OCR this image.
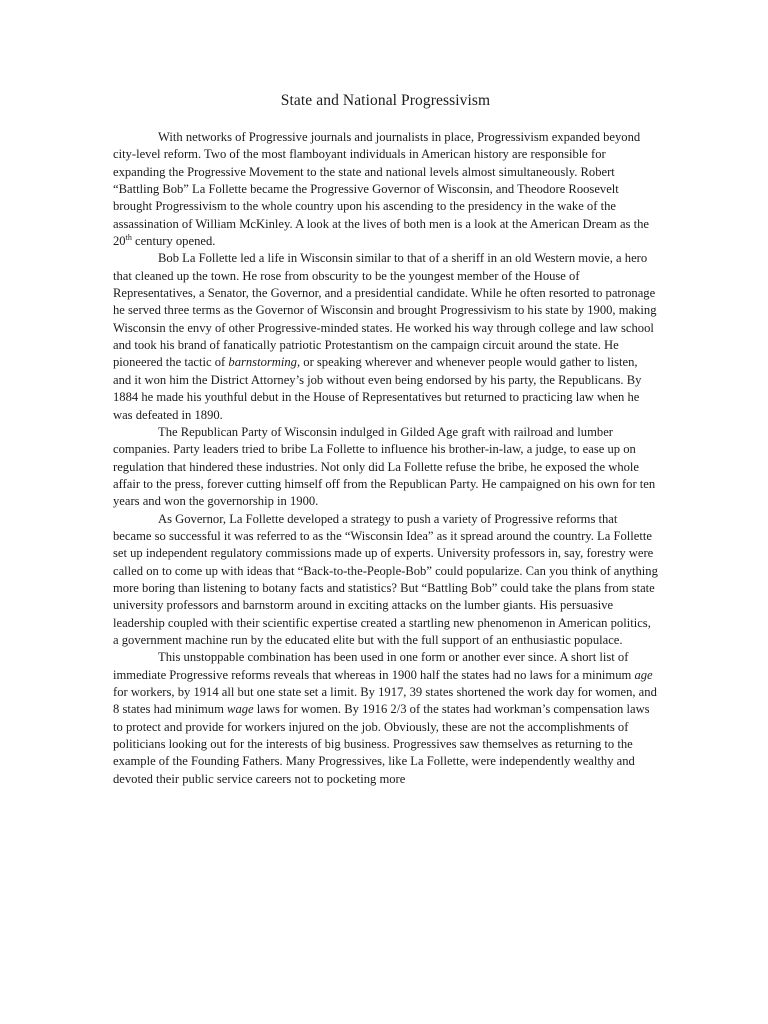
State and National Progressivism

With networks of Progressive journals and journalists in place, Progressivism expanded beyond city-level reform. Two of the most flamboyant individuals in American history are responsible for expanding the Progressive Movement to the state and national levels almost simultaneously. Robert “Battling Bob” La Follette became the Progressive Governor of Wisconsin, and Theodore Roosevelt brought Progressivism to the whole country upon his ascending to the presidency in the wake of the assassination of William McKinley. A look at the lives of both men is a look at the American Dream as the 20th century opened.

Bob La Follette led a life in Wisconsin similar to that of a sheriff in an old Western movie, a hero that cleaned up the town. He rose from obscurity to be the youngest member of the House of Representatives, a Senator, the Governor, and a presidential candidate. While he often resorted to patronage he served three terms as the Governor of Wisconsin and brought Progressivism to his state by 1900, making Wisconsin the envy of other Progressive-minded states. He worked his way through college and law school and took his brand of fanatically patriotic Protestantism on the campaign circuit around the state. He pioneered the tactic of barnstorming, or speaking wherever and whenever people would gather to listen, and it won him the District Attorney’s job without even being endorsed by his party, the Republicans. By 1884 he made his youthful debut in the House of Representatives but returned to practicing law when he was defeated in 1890.

The Republican Party of Wisconsin indulged in Gilded Age graft with railroad and lumber companies. Party leaders tried to bribe La Follette to influence his brother-in-law, a judge, to ease up on regulation that hindered these industries. Not only did La Follette refuse the bribe, he exposed the whole affair to the press, forever cutting himself off from the Republican Party. He campaigned on his own for ten years and won the governorship in 1900.

As Governor, La Follette developed a strategy to push a variety of Progressive reforms that became so successful it was referred to as the “Wisconsin Idea” as it spread around the country. La Follette set up independent regulatory commissions made up of experts. University professors in, say, forestry were called on to come up with ideas that “Back-to-the-People-Bob” could popularize. Can you think of anything more boring than listening to botany facts and statistics? But “Battling Bob” could take the plans from state university professors and barnstorm around in exciting attacks on the lumber giants. His persuasive leadership coupled with their scientific expertise created a startling new phenomenon in American politics, a government machine run by the educated elite but with the full support of an enthusiastic populace.

This unstoppable combination has been used in one form or another ever since. A short list of immediate Progressive reforms reveals that whereas in 1900 half the states had no laws for a minimum age for workers, by 1914 all but one state set a limit. By 1917, 39 states shortened the work day for women, and 8 states had minimum wage laws for women. By 1916 2/3 of the states had workman’s compensation laws to protect and provide for workers injured on the job. Obviously, these are not the accomplishments of politicians looking out for the interests of big business. Progressives saw themselves as returning to the example of the Founding Fathers. Many Progressives, like La Follette, were independently wealthy and devoted their public service careers not to pocketing more
